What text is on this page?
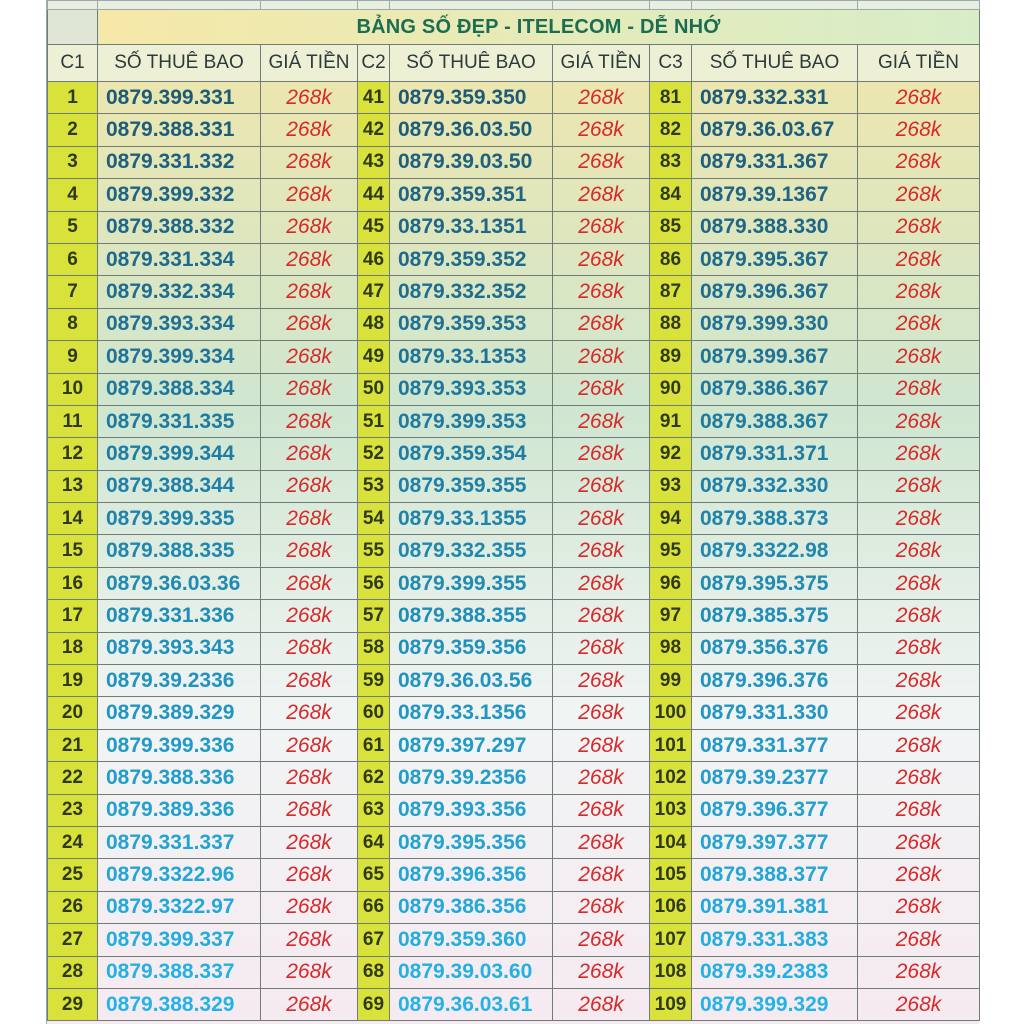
	BẢNG SỐ ĐẸP - ITELECOM - DỄ NHỚ							
C1	SỐ THUÊ BAO	GIÁ TIỀN	C2	SỐ THUÊ BAO	GIÁ TIỀN	C3	SỐ THUÊ BAO	GIÁ TIỀN
1	0879.399.331	268k	41	0879.359.350	268k	81	0879.332.331	268k
2	0879.388.331	268k	42	0879.36.03.50	268k	82	0879.36.03.67	268k
3	0879.331.332	268k	43	0879.39.03.50	268k	83	0879.331.367	268k
4	0879.399.332	268k	44	0879.359.351	268k	84	0879.39.1367	268k
5	0879.388.332	268k	45	0879.33.1351	268k	85	0879.388.330	268k
6	0879.331.334	268k	46	0879.359.352	268k	86	0879.395.367	268k
7	0879.332.334	268k	47	0879.332.352	268k	87	0879.396.367	268k
8	0879.393.334	268k	48	0879.359.353	268k	88	0879.399.330	268k
9	0879.399.334	268k	49	0879.33.1353	268k	89	0879.399.367	268k
10	0879.388.334	268k	50	0879.393.353	268k	90	0879.386.367	268k
11	0879.331.335	268k	51	0879.399.353	268k	91	0879.388.367	268k
12	0879.399.344	268k	52	0879.359.354	268k	92	0879.331.371	268k
13	0879.388.344	268k	53	0879.359.355	268k	93	0879.332.330	268k
14	0879.399.335	268k	54	0879.33.1355	268k	94	0879.388.373	268k
15	0879.388.335	268k	55	0879.332.355	268k	95	0879.3322.98	268k
16	0879.36.03.36	268k	56	0879.399.355	268k	96	0879.395.375	268k
17	0879.331.336	268k	57	0879.388.355	268k	97	0879.385.375	268k
18	0879.393.343	268k	58	0879.359.356	268k	98	0879.356.376	268k
19	0879.39.2336	268k	59	0879.36.03.56	268k	99	0879.396.376	268k
20	0879.389.329	268k	60	0879.33.1356	268k	100	0879.331.330	268k
21	0879.399.336	268k	61	0879.397.297	268k	101	0879.331.377	268k
22	0879.388.336	268k	62	0879.39.2356	268k	102	0879.39.2377	268k
23	0879.389.336	268k	63	0879.393.356	268k	103	0879.396.377	268k
24	0879.331.337	268k	64	0879.395.356	268k	104	0879.397.377	268k
25	0879.3322.96	268k	65	0879.396.356	268k	105	0879.388.377	268k
26	0879.3322.97	268k	66	0879.386.356	268k	106	0879.391.381	268k
27	0879.399.337	268k	67	0879.359.360	268k	107	0879.331.383	268k
28	0879.388.337	268k	68	0879.39.03.60	268k	108	0879.39.2383	268k
29	0879.388.329	268k	69	0879.36.03.61	268k	109	0879.399.329	268k
